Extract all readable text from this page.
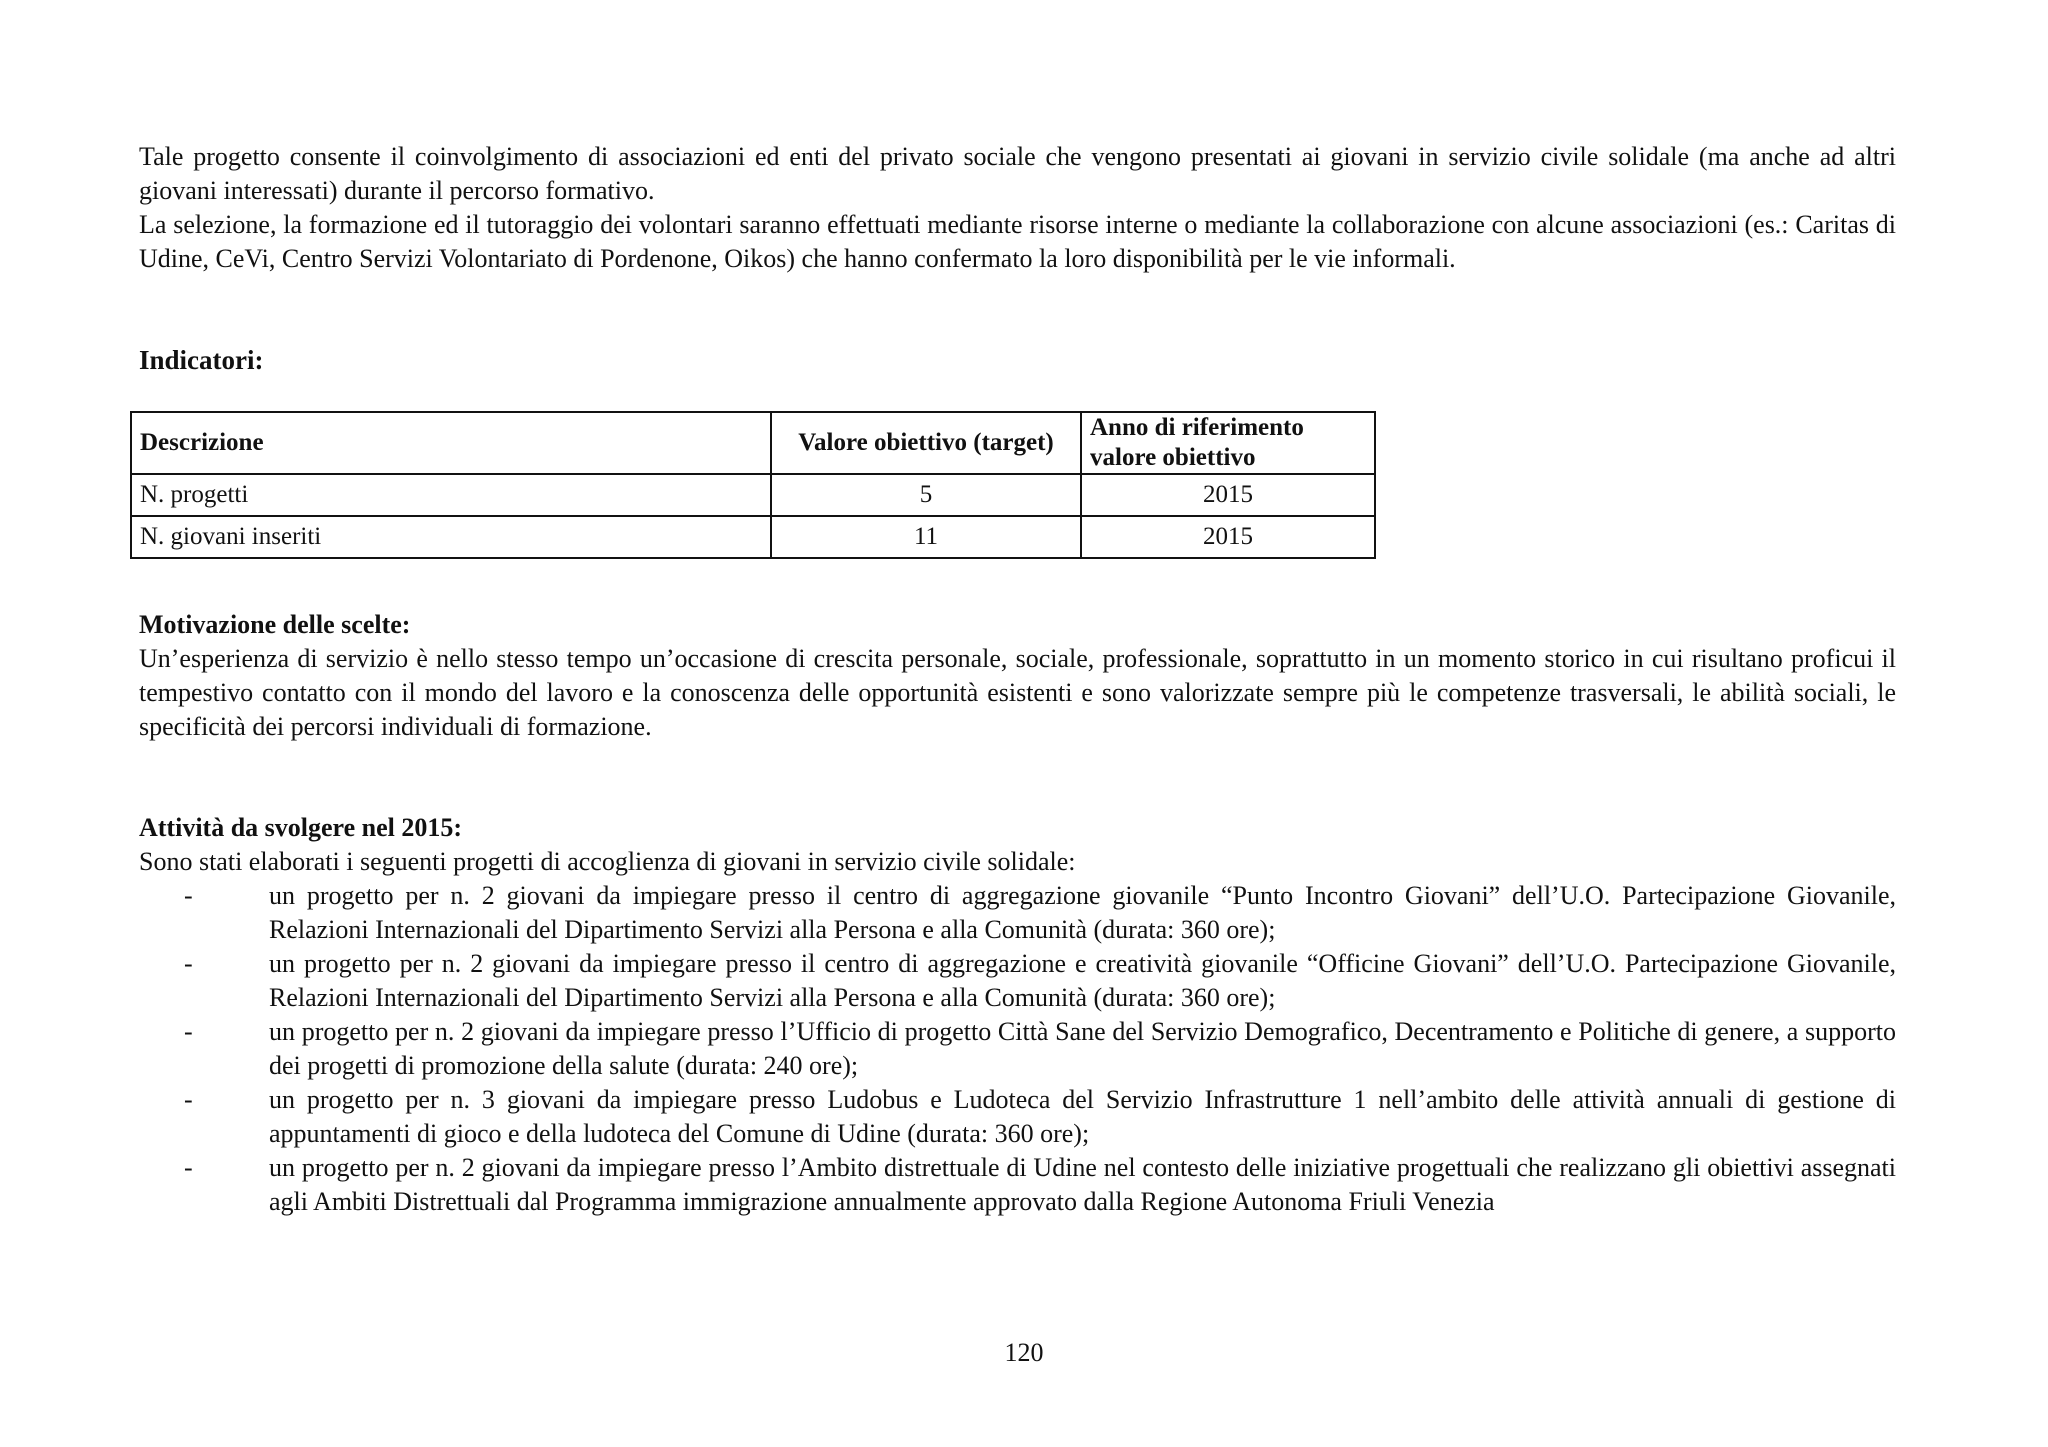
Tale progetto consente il coinvolgimento di associazioni ed enti del privato sociale che vengono presentati ai giovani in servizio civile solidale (ma anche ad altri giovani interessati) durante il percorso formativo.

La selezione, la formazione ed il tutoraggio dei volontari saranno effettuati mediante risorse interne o mediante la collaborazione con alcune associazioni (es.: Caritas di Udine, CeVi, Centro Servizi Volontariato di Pordenone, Oikos) che hanno confermato la loro disponibilità per le vie informali.

Indicatori:
Descrizione	Valore obiettivo (target)	Anno di riferimento valore obiettivo
N. progetti	5	2015
N. giovani inseriti	11	2015

Motivazione delle scelte:

Un’esperienza di servizio è nello stesso tempo un’occasione di crescita personale, sociale, professionale, soprattutto in un momento storico in cui risultano proficui il tempestivo contatto con il mondo del lavoro e la conoscenza delle opportunità esistenti e sono valorizzate sempre più le competenze trasversali, le abilità sociali, le specificità dei percorsi individuali di formazione.

Attività da svolgere nel 2015:

Sono stati elaborati i seguenti progetti di accoglienza di giovani in servizio civile solidale:

-	un progetto per n. 2 giovani da impiegare presso il centro di aggregazione giovanile “Punto Incontro Giovani” dell’U.O. Partecipazione Giovanile, Relazioni Internazionali del Dipartimento Servizi alla Persona e alla Comunità (durata: 360 ore);
-	un progetto per n. 2 giovani da impiegare presso il centro di aggregazione e creatività giovanile “Officine Giovani” dell’U.O. Partecipazione Giovanile, Relazioni Internazionali del Dipartimento Servizi alla Persona e alla Comunità (durata: 360 ore);
-	un progetto per n. 2 giovani da impiegare presso l’Ufficio di progetto Città Sane del Servizio Demografico, Decentramento e Politiche di genere, a supporto dei progetti di promozione della salute (durata: 240 ore);
-	un progetto per n. 3 giovani da impiegare presso Ludobus e Ludoteca del Servizio Infrastrutture 1 nell’ambito delle attività annuali di gestione di appuntamenti di gioco e della ludoteca del Comune di Udine (durata: 360 ore);
-	un progetto per n. 2 giovani da impiegare presso l’Ambito distrettuale di Udine nel contesto delle iniziative progettuali che realizzano gli obiettivi assegnati agli Ambiti Distrettuali dal Programma immigrazione annualmente approvato dalla Regione Autonoma Friuli Venezia
120
